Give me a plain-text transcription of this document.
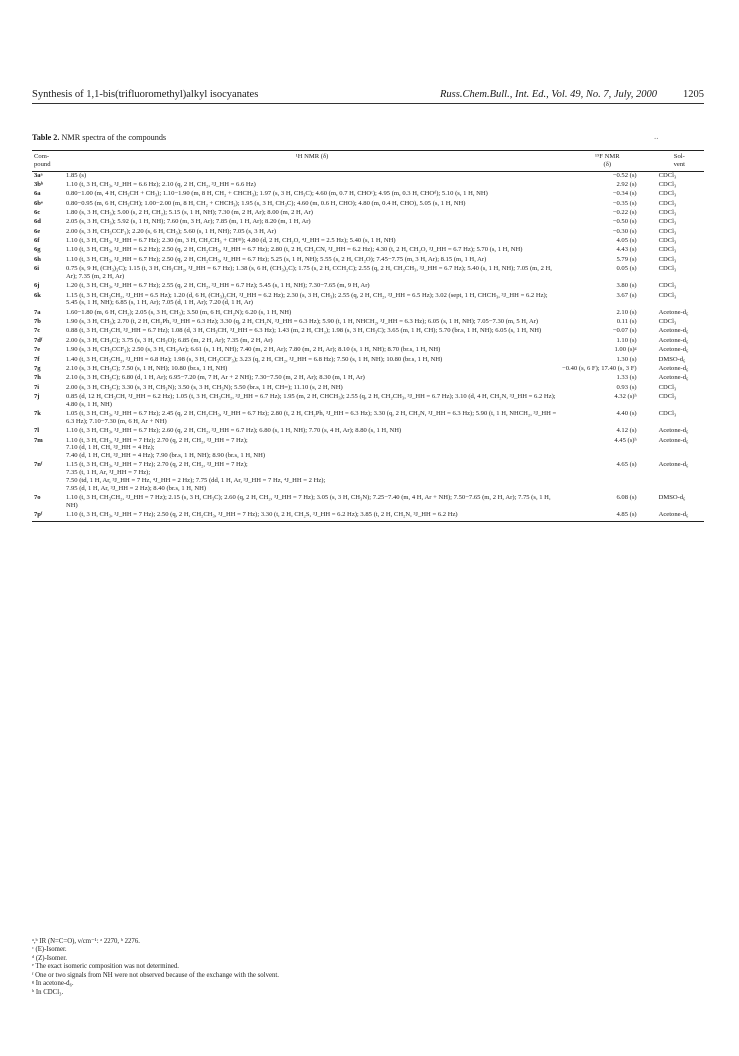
Synthesis of 1,1-bis(trifluoromethyl)alkyl isocyanates	Russ.Chem.Bull., Int. Ed., Vol. 49, No. 7, July, 2000 1205
Table 2. NMR spectra of the compounds	..
Com-
pound	¹H NMR (δ)	¹⁹F NMR
(δ)	Sol-
vent
3aᵃ	1.85 (s)	−0.52 (s)	CDCl₃
3bᵇ	1.10 (t, 3 H, CH₃, ³J_HH = 6.6 Hz); 2.10 (q, 2 H, CH₂, ³J_HH = 6.6 Hz)	2.92 (s)	CDCl₃
6a	0.80−1.00 (m, 4 H, CH₃CH + CH₃); 1.10−1.90 (m, 8 H, CH₂ + CHCH₃); 1.97 (s, 3 H, CH₃C); 4.60 (m, 0.7 H, CHOᶜ); 4.95 (m, 0.3 H, CHOᵈ); 5.10 (s, 1 H, NH)	−0.34 (s)	CDCl₃
6bᵉ	0.80−0.95 (m, 6 H, CH₃CH); 1.00−2.00 (m, 8 H, CH₂ + CHCH₃); 1.95 (s, 3 H, CH₃C); 4.60 (m, 0.6 H, CHO); 4.80 (m, 0.4 H, CHO), 5.05 (s, 1 H, NH)	−0.35 (s)	CDCl₃
6c	1.80 (s, 3 H, CH₃); 5.00 (s, 2 H, CH₂); 5.15 (s, 1 H, NH); 7.30 (m, 2 H, Ar); 8.00 (m, 2 H, Ar)	−0.22 (s)	CDCl₃
6d	2.05 (s, 3 H, CH₃); 5.92 (s, 1 H, NH); 7.60 (m, 3 H, Ar); 7.85 (m, 1 H, Ar); 8.20 (m, 1 H, Ar)	−0.50 (s)	CDCl₃
6e	2.00 (s, 3 H, CH₃CCF₃); 2.20 (s, 6 H, CH₃); 5.60 (s, 1 H, NH); 7.05 (s, 3 H, Ar)	−0.30 (s)	CDCl₃
6f	1.10 (t, 3 H, CH₃, ³J_HH = 6.7 Hz); 2.30 (m, 3 H, CH₂CH₃ + CH≡); 4.80 (d, 2 H, CH₂O, ⁴J_HH = 2.5 Hz); 5.40 (s, 1 H, NH)	4.05 (s)	CDCl₃
6g	1.10 (t, 3 H, CH₃, ³J_HH = 6.2 Hz); 2.50 (q, 2 H, CH₂CH₃, ³J_HH = 6.7 Hz); 2.80 (t, 2 H, CH₂CN, ³J_HH = 6.2 Hz); 4.30 (t, 2 H, CH₂O, ³J_HH = 6.7 Hz); 5.70 (s, 1 H, NH)	4.43 (s)	CDCl₃
6h	1.10 (t, 3 H, CH₃, ³J_HH = 6.7 Hz); 2.50 (q, 2 H, CH₂CH₃, ³J_HH = 6.7 Hz); 5.25 (s, 1 H, NH); 5.55 (s, 2 H, CH₂O); 7.45−7.75 (m, 3 H, Ar); 8.15 (m, 1 H, Ar)	5.79 (s)	CDCl₃
6i	0.75 (s, 9 H, (CH₃)₃C); 1.15 (t, 3 H, CH₃CH₂, ³J_HH = 6.7 Hz); 1.38 (s, 6 H, (CH₃)₂C); 1.75 (s, 2 H, CCH₂C); 2.55 (q, 2 H, CH₂CH₃, ³J_HH = 6.7 Hz); 5.40 (s, 1 H, NH); 7.05 (m, 2 H, Ar); 7.35 (m, 2 H, Ar)	0.05 (s)	CDCl₃
6j	1.20 (t, 3 H, CH₃, ³J_HH = 6.7 Hz); 2.55 (q, 2 H, CH₂, ³J_HH = 6.7 Hz); 5.45 (s, 1 H, NH); 7.30−7.65 (m, 9 H, Ar)	3.80 (s)	CDCl₃
6k	1.15 (t, 3 H, CH₃CH₂, ³J_HH = 6.5 Hz); 1.20 (d, 6 H, (CH₃)₂CH, ³J_HH = 6.2 Hz); 2.30 (s, 3 H, CH₃); 2.55 (q, 2 H, CH₂, ³J_HH = 6.5 Hz); 3.02 (sept, 1 H, CHCH₃, ³J_HH = 6.2 Hz); 5.45 (s, 1 H, NH); 6.85 (s, 1 H, Ar); 7.05 (d, 1 H, Ar); 7.20 (d, 1 H, Ar)	3.67 (s)	CDCl₃
7a	1.60−1.80 (m, 6 H, CH₂); 2.05 (s, 3 H, CH₃); 3.50 (m, 6 H, CH₂N); 6.20 (s, 1 H, NH)	2.10 (s)	Acetone-d₆
7b	1.90 (s, 3 H, CH₃); 2.70 (t, 2 H, CH₂Ph, ³J_HH = 6.3 Hz); 3.30 (q, 2 H, CH₂N, ³J_HH = 6.3 Hz); 5.90 (t, 1 H, NHCH₂, ³J_HH = 6.3 Hz); 6.05 (s, 1 H, NH); 7.05−7.30 (m, 5 H, Ar)	0.11 (s)	CDCl₃
7c	0.88 (t, 3 H, CH₃CH, ³J_HH = 6.7 Hz); 1.08 (d, 3 H, CH₃CH, ³J_HH = 6.3 Hz); 1.43 (m, 2 H, CH₂); 1.98 (s, 3 H, CH₃C); 3.65 (m, 1 H, CH); 5.70 (br.s, 1 H, NH); 6.05 (s, 1 H, NH)	−0.07 (s)	Acetone-d₆
7dᶠ	2.00 (s, 3 H, CH₃C); 3.75 (s, 3 H, CH₃O); 6.85 (m, 2 H, Ar); 7.35 (m, 2 H, Ar)	1.10 (s)	Acetone-d₆
7e	1.90 (s, 3 H, CH₃CCF₃); 2.50 (s, 3 H, CH₃Ar); 6.61 (s, 1 H, NH); 7.40 (m, 2 H, Ar); 7.80 (m, 2 H, Ar); 8.10 (s, 1 H, NH); 8.70 (br.s, 1 H, NH)	1.00 (s)ᵍ	Acetone-d₆
7f	1.40 (t, 3 H, CH₃CH₂, ³J_HH = 6.8 Hz); 1.98 (s, 3 H, CH₃CCF₃); 3.23 (q, 2 H, CH₂, ³J_HH = 6.8 Hz); 7.50 (s, 1 H, NH); 10.80 (br.s, 1 H, NH)	1.30 (s)	DMSO-d₆
7g	2.10 (s, 3 H, CH₃C); 7.50 (s, 1 H, NH); 10.80 (br.s, 1 H, NH)	−0.40 (s, 6 F); 17.40 (s, 3 F)	Acetone-d₆
7h	2.10 (s, 3 H, CH₃C); 6.80 (d, 1 H, Ar); 6.95−7.20 (m, 7 H, Ar + 2 NH); 7.30−7.50 (m, 2 H, Ar); 8.30 (m, 1 H, Ar)	1.33 (s)	Acetone-d₆
7i	2.00 (s, 3 H, CH₃C); 3.30 (s, 3 H, CH₃N); 3.50 (s, 3 H, CH₃N); 5.50 (br.s, 1 H, CH=); 11.10 (s, 2 H, NH)	0.93 (s)	CDCl₃
7j	0.85 (d, 12 H, CH₃CH, ³J_HH = 6.2 Hz); 1.05 (t, 3 H, CH₃CH₂, ³J_HH = 6.7 Hz); 1.95 (m, 2 H, CHCH₃); 2.55 (q, 2 H, CH₂CH₃, ³J_HH = 6.7 Hz); 3.10 (d, 4 H, CH₂N, ³J_HH = 6.2 Hz); 4.80 (s, 1 H, NH)	4.32 (s)ʰ	CDCl₃
7k	1.05 (t, 3 H, CH₃, ³J_HH = 6.7 Hz); 2.45 (q, 2 H, CH₂CH₃, ³J_HH = 6.7 Hz); 2.80 (t, 2 H, CH₂Ph, ³J_HH = 6.3 Hz); 3.30 (q, 2 H, CH₂N, ³J_HH = 6.3 Hz); 5.90 (t, 1 H, NHCH₂, ³J_HH = 6.3 Hz); 7.10−7.30 (m, 6 H, Ar + NH)	4.40 (s)	CDCl₃
7l	1.10 (t, 3 H, CH₃, ³J_HH = 6.7 Hz); 2.60 (q, 2 H, CH₂, ³J_HH = 6.7 Hz); 6.80 (s, 1 H, NH); 7.70 (s, 4 H, Ar); 8.80 (s, 1 H, NH)	4.12 (s)	Acetone-d₆
7m	1.10 (t, 3 H, CH₃, ³J_HH = 7 Hz); 2.70 (q, 2 H, CH₂, ³J_HH = 7 Hz);
7.10 (d, 1 H, CH, ³J_HH = 4 Hz);
7.40 (d, 1 H, CH, ³J_HH = 4 Hz); 7.90 (br.s, 1 H, NH); 8.90 (br.s, 1 H, NH)	4.45 (s)ʰ	Acetone-d₆
7nᶠ	1.15 (t, 3 H, CH₃, ³J_HH = 7 Hz); 2.70 (q, 2 H, CH₂, ³J_HH = 7 Hz);
7.35 (t, 1 H, Ar, ³J_HH = 7 Hz);
7.50 (td, 1 H, Ar, ³J_HH = 7 Hz, ⁴J_HH = 2 Hz); 7.75 (dd, 1 H, Ar, ³J_HH = 7 Hz, ⁴J_HH = 2 Hz);
7.95 (d, 1 H, Ar, ³J_HH = 2 Hz); 8.40 (br.s, 1 H, NH)	4.65 (s)	Acetone-d₆
7o	1.10 (t, 3 H, CH₃CH₂, ³J_HH = 7 Hz); 2.15 (s, 3 H, CH₃C); 2.60 (q, 2 H, CH₂, ³J_HH = 7 Hz); 3.05 (s, 3 H, CH₃N); 7.25−7.40 (m, 4 H, Ar + NH); 7.50−7.65 (m, 2 H, Ar); 7.75 (s, 1 H, NH)	6.08 (s)	DMSO-d₆
7pᶠ	1.10 (t, 3 H, CH₃, ³J_HH = 7 Hz); 2.50 (q, 2 H, CH₂CH₃, ³J_HH = 7 Hz); 3.30 (t, 2 H, CH₂S, ³J_HH = 6.2 Hz); 3.85 (t, 2 H, CH₂N, ³J_HH = 6.2 Hz)	4.85 (s)	Acetone-d₆
ᵃ,ᵇ IR (N=C=O), ν/cm⁻¹: ᵃ 2270, ᵇ 2276.
ᶜ (E)-Isomer.
ᵈ (Z)-Isomer.
ᵉ The exact isomeric composition was not determined.
ᶠ One or two signals from NH were not observed because of the exchange with the solvent.
ᵍ In acetone-d₆.
ʰ In CDCl₃.
